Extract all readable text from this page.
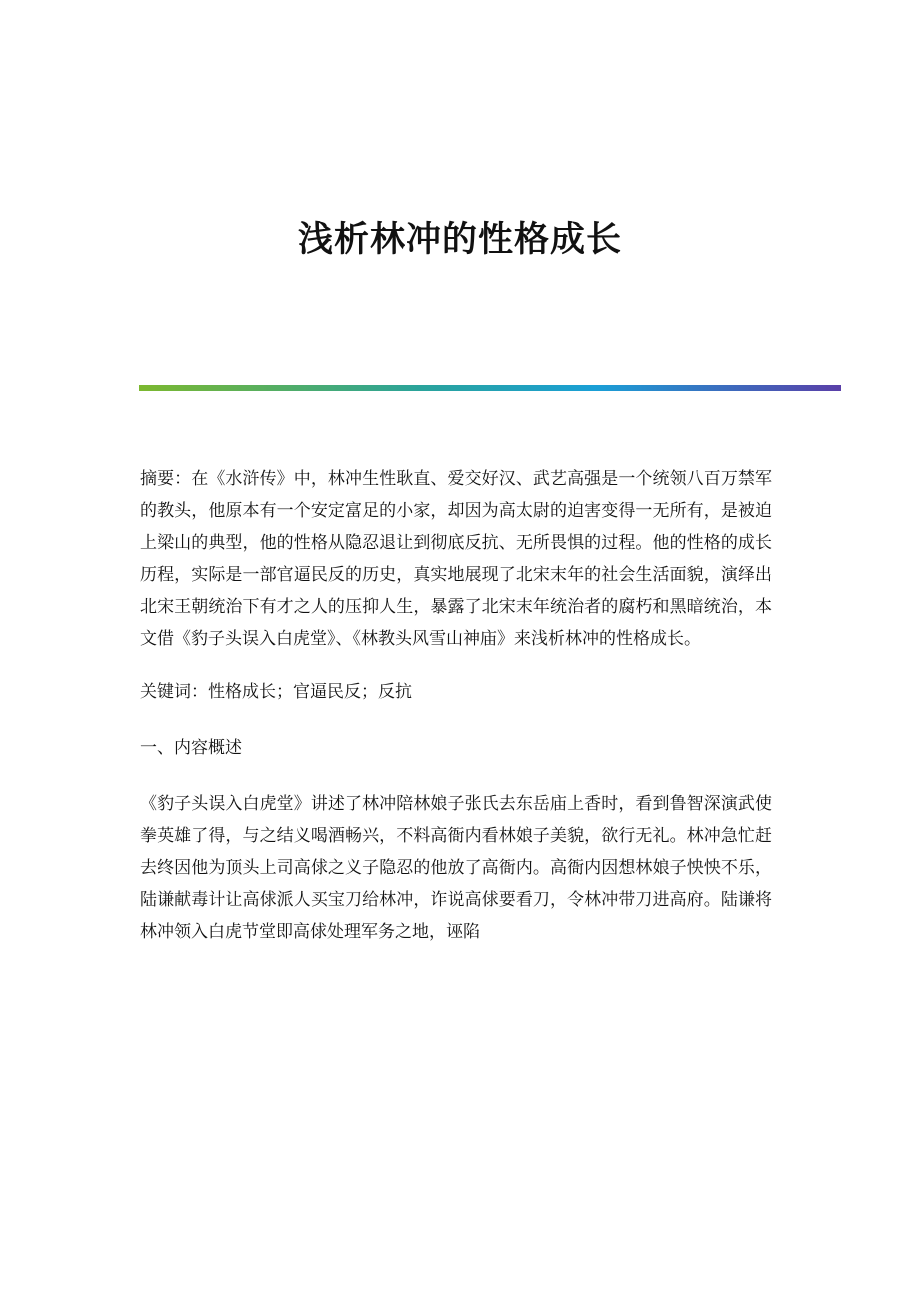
浅析林冲的性格成长

摘要：在《水浒传》中，林冲生性耿直、爱交好汉、武艺高强是一个统领八百万禁军的教头，他原本有一个安定富足的小家，却因为高太尉的迫害变得一无所有，是被迫上梁山的典型，他的性格从隐忍退让到彻底反抗、无所畏惧的过程。他的性格的成长历程，实际是一部官逼民反的历史，真实地展现了北宋末年的社会生活面貌，演绎出北宋王朝统治下有才之人的压抑人生，暴露了北宋末年统治者的腐朽和黑暗统治，本文借《豹子头误入白虎堂》、《林教头风雪山神庙》来浅析林冲的性格成长。

关键词：性格成长；官逼民反；反抗

一、内容概述

《豹子头误入白虎堂》讲述了林冲陪林娘子张氏去东岳庙上香时，看到鲁智深演武使拳英雄了得，与之结义喝酒畅兴，不料高衙内看林娘子美貌，欲行无礼。林冲急忙赶去终因他为顶头上司高俅之义子隐忍的他放了高衙内。高衙内因想林娘子怏怏不乐，陆谦献毒计让高俅派人买宝刀给林冲，诈说高俅要看刀，令林冲带刀进高府。陆谦将林冲领入白虎节堂即高俅处理军务之地，诬陷
